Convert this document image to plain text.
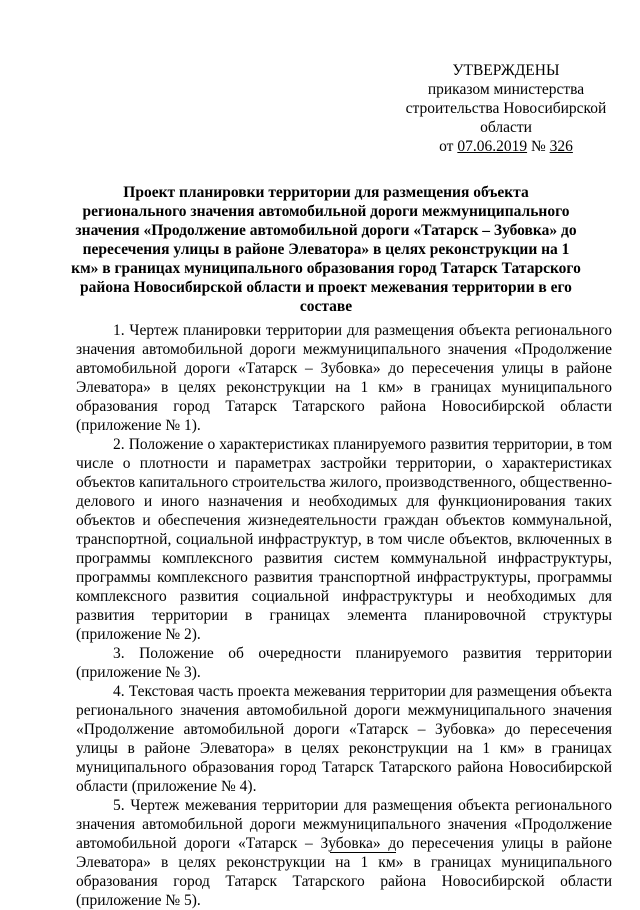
УТВЕРЖДЕНЫ
приказом министерства
строительства Новосибирской
области
от 07.06.2019 № 326
Проект планировки территории для размещения объекта регионального значения автомобильной дороги межмуниципального значения «Продолжение автомобильной дороги «Татарск – Зубовка» до пересечения улицы в районе Элеватора» в целях реконструкции на 1 км» в границах муниципального образования город Татарск Татарского района Новосибирской области и проект межевания территории в его составе

1. Чертеж планировки территории для размещения объекта регионального значения автомобильной дороги межмуниципального значения «Продолжение автомобильной дороги «Татарск – Зубовка» до пересечения улицы в районе Элеватора» в целях реконструкции на 1 км» в границах муниципального образования город Татарск Татарского района Новосибирской области (приложение № 1).

2. Положение о характеристиках планируемого развития территории, в том числе о плотности и параметрах застройки территории, о характеристиках объектов капитального строительства жилого, производственного, общественно-делового и иного назначения и необходимых для функционирования таких объектов и обеспечения жизнедеятельности граждан объектов коммунальной, транспортной, социальной инфраструктур, в том числе объектов, включенных в программы комплексного развития систем коммунальной инфраструктуры, программы комплексного развития транспортной инфраструктуры, программы комплексного развития социальной инфраструктуры и необходимых для развития территории в границах элемента планировочной структуры (приложение № 2).

3. Положение об очередности планируемого развития территории (приложение № 3).

4. Текстовая часть проекта межевания территории для размещения объекта регионального значения автомобильной дороги межмуниципального значения «Продолжение автомобильной дороги «Татарск – Зубовка» до пересечения улицы в районе Элеватора» в целях реконструкции на 1 км» в границах муниципального образования город Татарск Татарского района Новосибирской области (приложение № 4).

5. Чертеж межевания территории для размещения объекта регионального значения автомобильной дороги межмуниципального значения «Продолжение автомобильной дороги «Татарск – Зубовка» до пересечения улицы в районе Элеватора» в целях реконструкции на 1 км» в границах муниципального образования город Татарск Татарского района Новосибирской области (приложение № 5).
